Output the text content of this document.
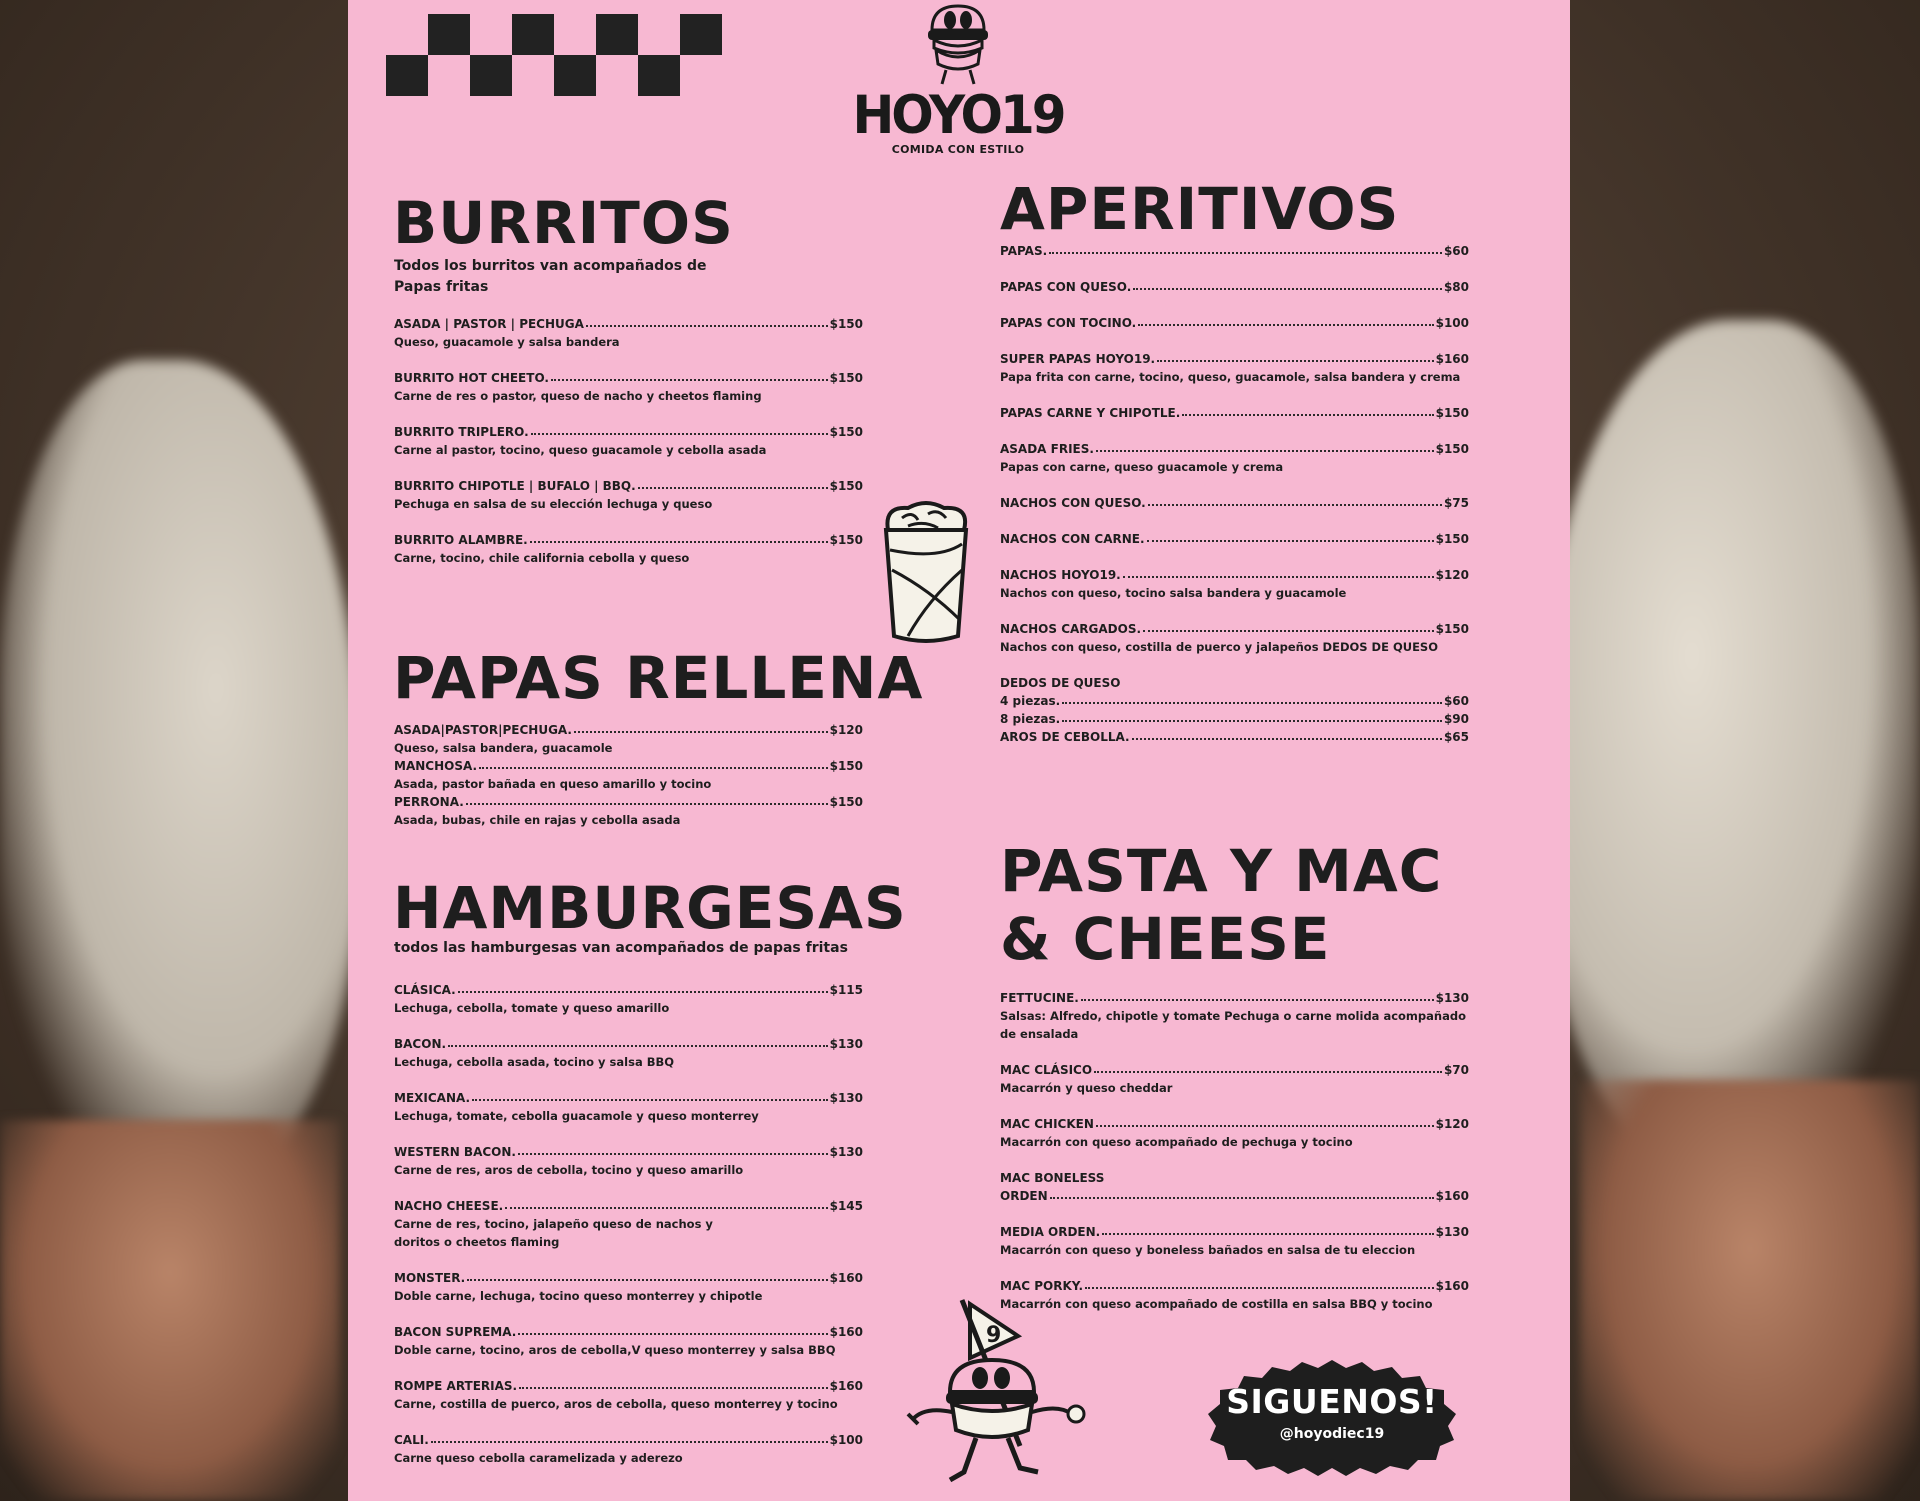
HOYO19
COMIDA CON ESTILO
BURRITOS
Todos los burritos van acompañados de Papas fritas
ASADA | PASTOR | PECHUGA	$150
Queso, guacamole y salsa bandera
BURRITO HOT CHEETO.	$150
Carne de res o pastor, queso de nacho y cheetos flaming
BURRITO TRIPLERO.	$150
Carne al pastor, tocino, queso guacamole y cebolla asada
BURRITO CHIPOTLE | BUFALO | BBQ.	$150
Pechuga en salsa de su elección lechuga y queso
BURRITO ALAMBRE.	$150
Carne, tocino, chile california cebolla y queso
PAPAS RELLENA
ASADA|PASTOR|PECHUGA.	$120
Queso, salsa bandera, guacamole
MANCHOSA.	$150
Asada, pastor bañada en queso amarillo y tocino
PERRONA.	$150
Asada, bubas, chile en rajas y cebolla asada
HAMBURGESAS
todos las hamburgesas van acompañados de papas fritas
CLÁSICA.	$115
Lechuga, cebolla, tomate y queso amarillo
BACON.	$130
Lechuga, cebolla asada, tocino y salsa BBQ
MEXICANA.	$130
Lechuga, tomate, cebolla guacamole y queso monterrey
WESTERN BACON.	$130
Carne de res, aros de cebolla, tocino y queso amarillo
NACHO CHEESE.	$145
Carne de res, tocino, jalapeño queso de nachos y doritos o cheetos flaming
MONSTER.	$160
Doble carne, lechuga, tocino queso monterrey y chipotle
BACON SUPREMA.	$160
Doble carne, tocino, aros de cebolla,V queso monterrey y salsa BBQ
ROMPE ARTERIAS.	$160
Carne, costilla de puerco, aros de cebolla, queso monterrey y tocino
CALI.	$100
Carne queso cebolla caramelizada y aderezo
APERITIVOS
PAPAS.	$60
PAPAS CON QUESO.	$80
PAPAS CON TOCINO.	$100
SUPER PAPAS HOYO19.	$160
Papa frita con carne, tocino, queso, guacamole, salsa bandera y crema
PAPAS CARNE Y CHIPOTLE.	$150
ASADA FRIES.	$150
Papas con carne, queso guacamole y crema
NACHOS CON QUESO.	$75
NACHOS CON CARNE.	$150
NACHOS HOYO19.	$120
Nachos con queso, tocino salsa bandera y guacamole
NACHOS CARGADOS.	$150
Nachos con queso, costilla de puerco y jalapeños DEDOS DE QUESO
DEDOS DE QUESO
4 piezas.	$60
8 piezas.	$90
AROS DE CEBOLLA.	$65
PASTA Y MAC
& CHEESE
FETTUCINE.	$130
Salsas: Alfredo, chipotle y tomate Pechuga o carne molida acompañado de ensalada
MAC CLÁSICO	$70
Macarrón y queso cheddar
MAC CHICKEN	$120
Macarrón con queso acompañado de pechuga y tocino
MAC BONELESS
ORDEN	$160
MEDIA ORDEN.	$130
Macarrón con queso y boneless bañados en salsa de tu eleccion
MAC PORKY.	$160
Macarrón con queso acompañado de costilla en salsa BBQ y tocino
9
SIGUENOS!
@hoyodiec19
